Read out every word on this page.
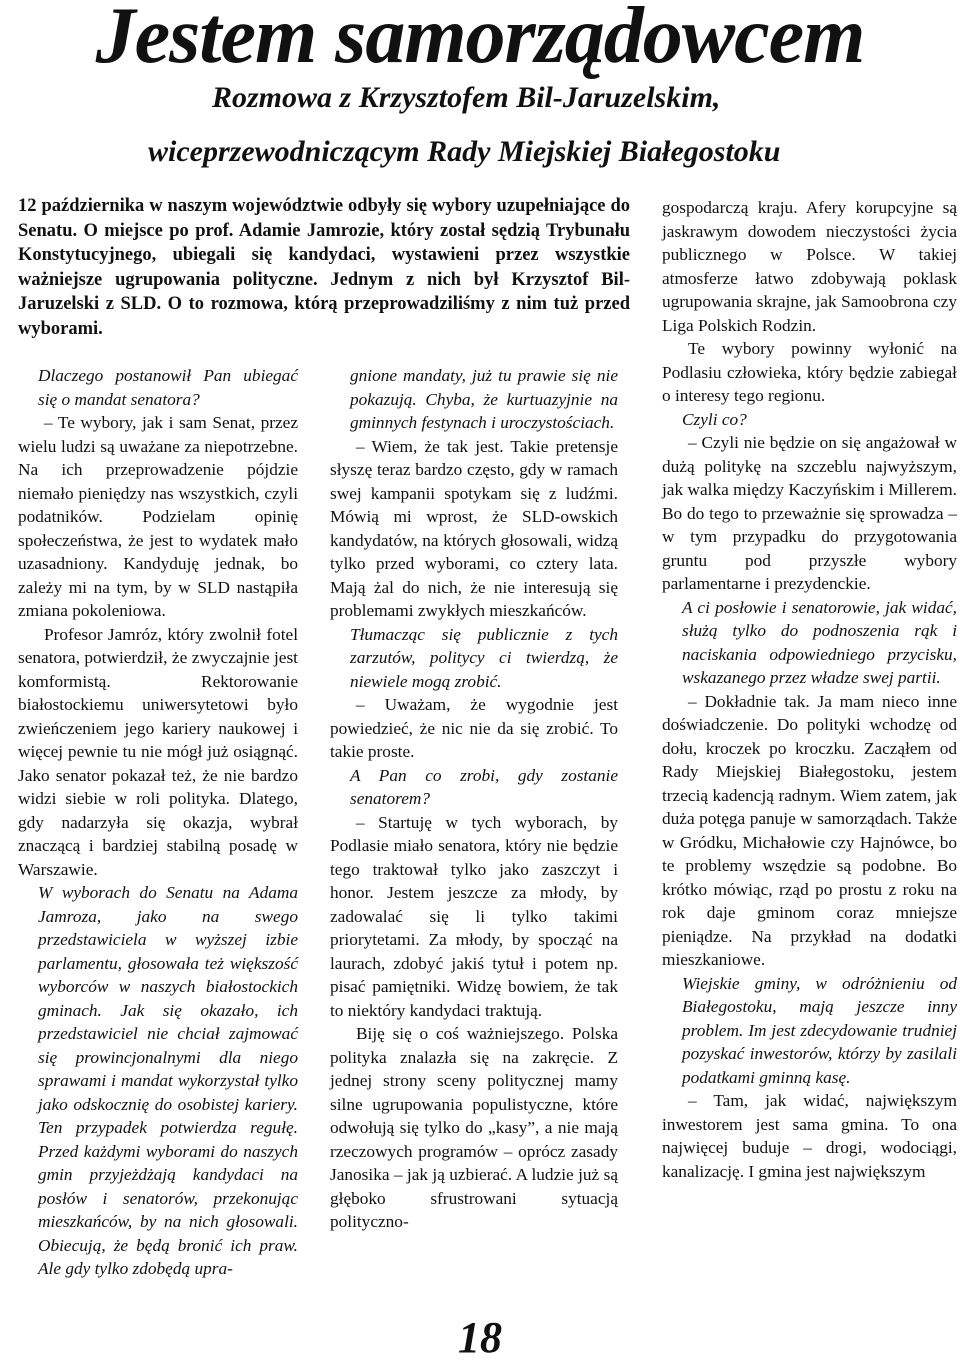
Jestem samorządowcem

Rozmowa z Krzysztofem Bil-Jaruzelskim,

wiceprzewodniczącym Rady Miejskiej Białegostoku

12 października w naszym województwie odbyły się wybory uzupełniające do Senatu. O miejsce po prof. Adamie Jamrozie, który został sędzią Trybunału Konstytucyjnego, ubiegali się kandydaci, wystawieni przez wszystkie ważniejsze ugrupowania polityczne. Jednym z nich był Krzysztof Bil-Jaruzelski z SLD. O to rozmowa, którą przeprowadziliśmy z nim tuż przed wyborami.

Dlaczego postanowił Pan ubiegać się o mandat senatora?

– Te wybory, jak i sam Senat, przez wielu ludzi są uważane za niepotrzebne. Na ich przeprowadzenie pójdzie niemało pieniędzy nas wszystkich, czyli podatników. Podzielam opinię społeczeństwa, że jest to wydatek mało uzasadniony. Kandyduję jednak, bo zależy mi na tym, by w SLD nastąpiła zmiana pokoleniowa.

Profesor Jamróz, który zwolnił fotel senatora, potwierdził, że zwyczajnie jest komformistą. Rektorowanie białostockiemu uniwersytetowi było zwieńczeniem jego kariery naukowej i więcej pewnie tu nie mógł już osiągnąć. Jako senator pokazał też, że nie bardzo widzi siebie w roli polityka. Dlatego, gdy nadarzyła się okazja, wybrał znaczącą i bardziej stabilną posadę w Warszawie.

W wyborach do Senatu na Adama Jamroza, jako na swego przedstawiciela w wyższej izbie parlamentu, głosowała też większość wyborców w naszych białostockich gminach. Jak się okazało, ich przedstawiciel nie chciał zajmować się prowincjonalnymi dla niego sprawami i mandat wykorzystał tylko jako odskocznię do osobistej kariery. Ten przypadek potwierdza regułę. Przed każdymi wyborami do naszych gmin przyjeżdżają kandydaci na posłów i senatorów, przekonując mieszkańców, by na nich głosowali. Obiecują, że będą bronić ich praw. Ale gdy tylko zdobędą upra-

gnione mandaty, już tu prawie się nie pokazują. Chyba, że kurtuazyjnie na gminnych festynach i uroczystościach.

– Wiem, że tak jest. Takie pretensje słyszę teraz bardzo często, gdy w ramach swej kampanii spotykam się z ludźmi. Mówią mi wprost, że SLD-owskich kandydatów, na których głosowali, widzą tylko przed wyborami, co cztery lata. Mają żal do nich, że nie interesują się problemami zwykłych mieszkańców.

Tłumacząc się publicznie z tych zarzutów, politycy ci twierdzą, że niewiele mogą zrobić.

– Uważam, że wygodnie jest powiedzieć, że nic nie da się zrobić. To takie proste.

A Pan co zrobi, gdy zostanie senatorem?

– Startuję w tych wyborach, by Podlasie miało senatora, który nie będzie tego traktował tylko jako zaszczyt i honor. Jestem jeszcze za młody, by zadowalać się li tylko takimi priorytetami. Za młody, by spocząć na laurach, zdobyć jakiś tytuł i potem np. pisać pamiętniki. Widzę bowiem, że tak to niektóry kandydaci traktują.

Biję się o coś ważniejszego. Polska polityka znalazła się na zakręcie. Z jednej strony sceny politycznej mamy silne ugrupowania populistyczne, które odwołują się tylko do „kasy”, a nie mają rzeczowych programów – oprócz zasady Janosika – jak ją uzbierać. A ludzie już są głęboko sfrustrowani sytuacją polityczno-

gospodarczą kraju. Afery korupcyjne są jaskrawym dowodem nieczystości życia publicznego w Polsce. W takiej atmosferze łatwo zdobywają poklask ugrupowania skrajne, jak Samoobrona czy Liga Polskich Rodzin.

Te wybory powinny wyłonić na Podlasiu człowieka, który będzie zabiegał o interesy tego regionu.

Czyli co?

– Czyli nie będzie on się angażował w dużą politykę na szczeblu najwyższym, jak walka między Kaczyńskim i Millerem. Bo do tego to przeważnie się sprowadza – w tym przypadku do przygotowania gruntu pod przyszłe wybory parlamentarne i prezydenckie.

A ci posłowie i senatorowie, jak widać, służą tylko do podnoszenia rąk i naciskania odpowiedniego przycisku, wskazanego przez władze swej partii.

– Dokładnie tak. Ja mam nieco inne doświadczenie. Do polityki wchodzę od dołu, kroczek po kroczku. Zacząłem od Rady Miejskiej Białegostoku, jestem trzecią kadencją radnym. Wiem zatem, jak duża potęga panuje w samorządach. Także w Gródku, Michałowie czy Hajnówce, bo te problemy wszędzie są podobne. Bo krótko mówiąc, rząd po prostu z roku na rok daje gminom coraz mniejsze pieniądze. Na przykład na dodatki mieszkaniowe.

Wiejskie gminy, w odróżnieniu od Białegostoku, mają jeszcze inny problem. Im jest zdecydowanie trudniej pozyskać inwestorów, którzy by zasilali podatkami gminną kasę.

– Tam, jak widać, największym inwestorem jest sama gmina. To ona najwięcej buduje – drogi, wodociągi, kanalizację. I gmina jest największym

18
